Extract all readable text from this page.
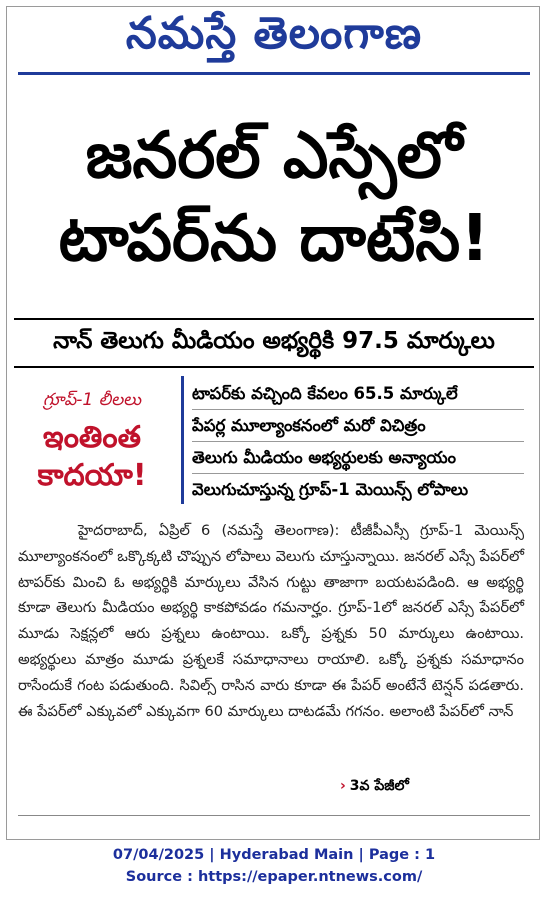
నమస్తే తెలంగాణ
జనరల్ ఎస్సేలో
టాపర్‌ను దాటేసి!
నాన్ తెలుగు మీడియం అభ్యర్థికి 97.5 మార్కులు
గ్రూప్-1 లీలలు
ఇంతింత
కాదయా!
టాపర్‌కు వచ్చింది కేవలం 65.5 మార్కులే
పేపర్ల మూల్యాంకనంలో మరో విచిత్రం
తెలుగు మీడియం అభ్యర్థులకు అన్యాయం
వెలుగుచూస్తున్న గ్రూప్-1 మెయిన్స్ లోపాలు

హైదరాబాద్, ఏప్రిల్ 6 (నమస్తే తెలంగాణ): టీజీపీఎస్సీ గ్రూప్-1 మెయిన్స్ మూల్యాంకనంలో ఒక్కొక్కటి చొప్పున లోపాలు వెలుగు చూస్తున్నాయి. జనరల్ ఎస్సే పేపర్‌లో టాపర్‌కు మించి ఓ అభ్యర్థికి మార్కులు వేసిన గుట్టు తాజాగా బయటపడింది. ఆ అభ్యర్థి కూడా తెలుగు మీడియం అభ్యర్థి కాకపోవడం గమనార్హం. గ్రూప్-1లో జనరల్ ఎస్సే పేపర్‌లో మూడు సెక్షన్లలో ఆరు ప్రశ్నలు ఉంటాయి. ఒక్కో ప్రశ్నకు 50 మార్కులు ఉంటాయి. అభ్యర్థులు మాత్రం మూడు ప్రశ్నలకే సమాధానాలు రాయాలి. ఒక్కో ప్రశ్నకు సమాధానం రాసేందుకే గంట పడుతుంది. సివిల్స్ రాసిన వారు కూడా ఈ పేపర్ అంటేనే టెన్షన్ పడతారు. ఈ పేపర్‌లో ఎక్కువలో ఎక్కువగా 60 మార్కులు దాటడమే గగనం. అలాంటి పేపర్‌లో నాన్

› 3వ పేజీలో
07/04/2025 | Hyderabad Main | Page : 1
Source : https://epaper.ntnews.com/
